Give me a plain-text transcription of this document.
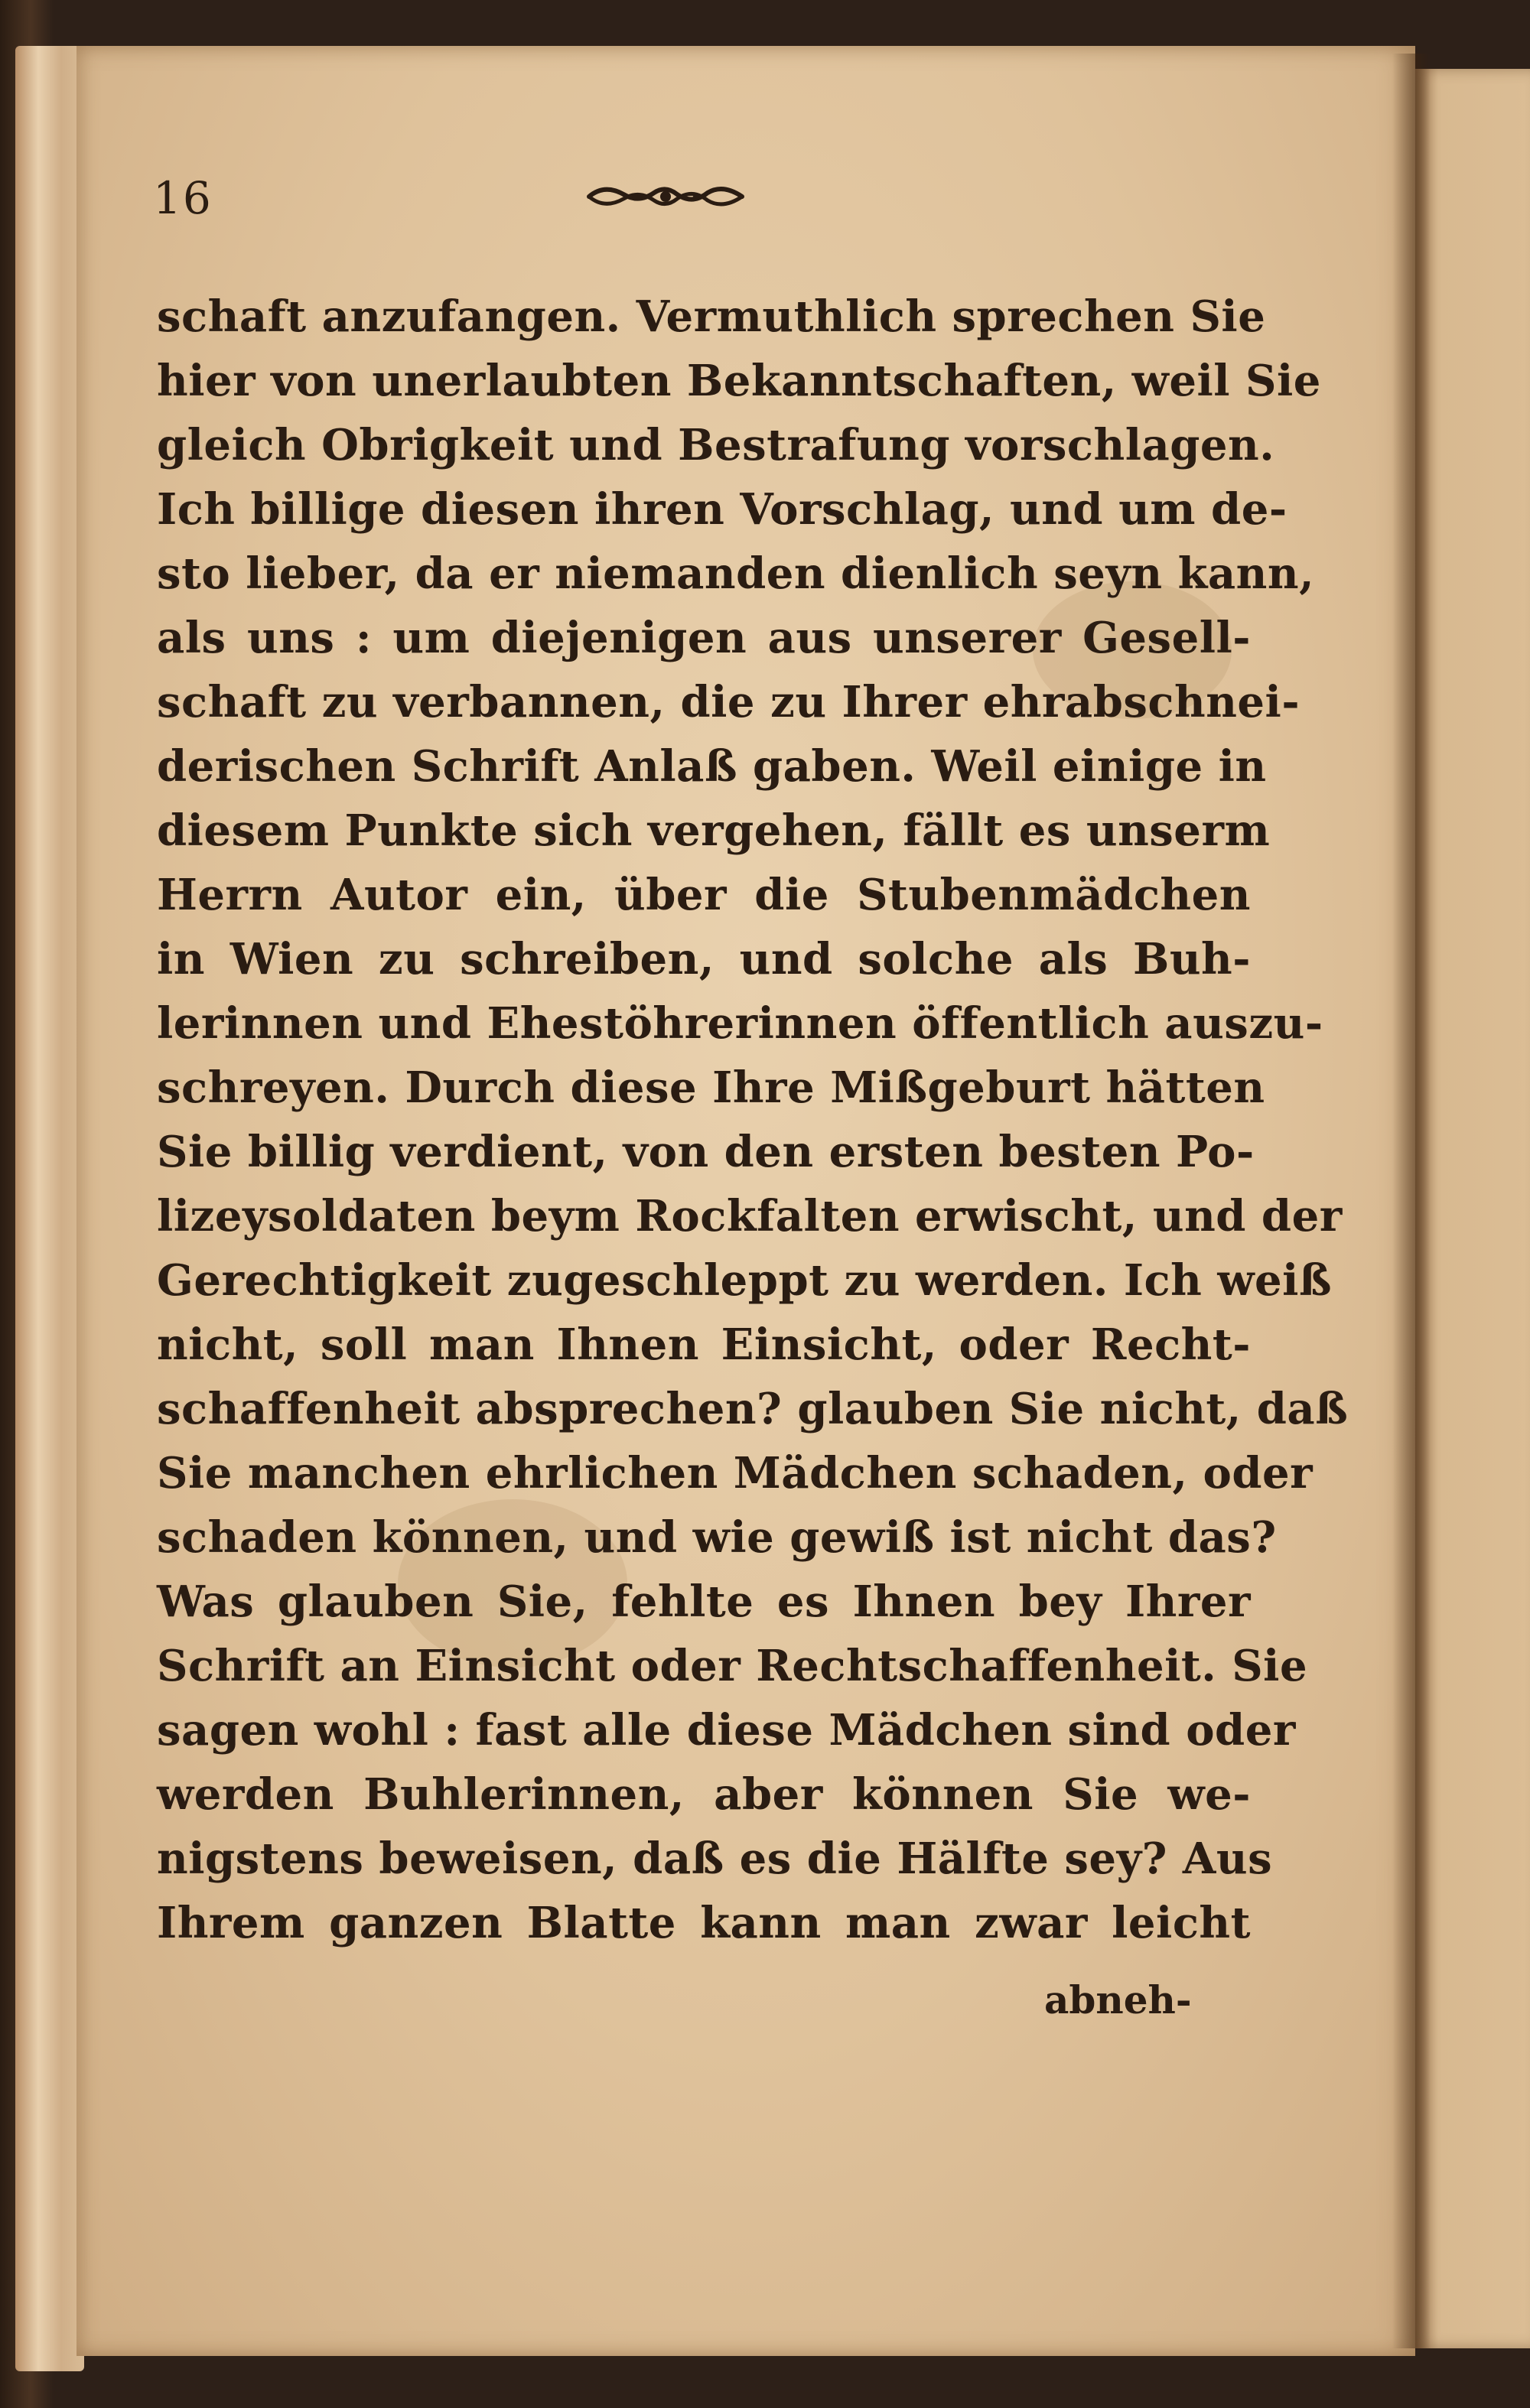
16
schaft anzufangen. Vermuthlich sprechen Sie
hier von unerlaubten Bekanntschaften, weil Sie
gleich Obrigkeit und Bestrafung vorschlagen.
Ich billige diesen ihren Vorschlag, und um de-
sto lieber, da er niemanden dienlich seyn kann,
als uns : um diejenigen aus unserer Gesell-
schaft zu verbannen, die zu Ihrer ehrabschnei-
derischen Schrift Anlaß gaben. Weil einige in
diesem Punkte sich vergehen, fällt es unserm
Herrn Autor ein, über die Stubenmädchen
in Wien zu schreiben, und solche als Buh-
lerinnen und Ehestöhrerinnen öffentlich auszu-
schreyen. Durch diese Ihre Mißgeburt hätten
Sie billig verdient, von den ersten besten Po-
lizeysoldaten beym Rockfalten erwischt, und der
Gerechtigkeit zugeschleppt zu werden. Ich weiß
nicht, soll man Ihnen Einsicht, oder Recht-
schaffenheit absprechen? glauben Sie nicht, daß
Sie manchen ehrlichen Mädchen schaden, oder
schaden können, und wie gewiß ist nicht das?
Was glauben Sie, fehlte es Ihnen bey Ihrer
Schrift an Einsicht oder Rechtschaffenheit. Sie
sagen wohl : fast alle diese Mädchen sind oder
werden Buhlerinnen, aber können Sie we-
nigstens beweisen, daß es die Hälfte sey? Aus
Ihrem ganzen Blatte kann man zwar leicht
abneh-
